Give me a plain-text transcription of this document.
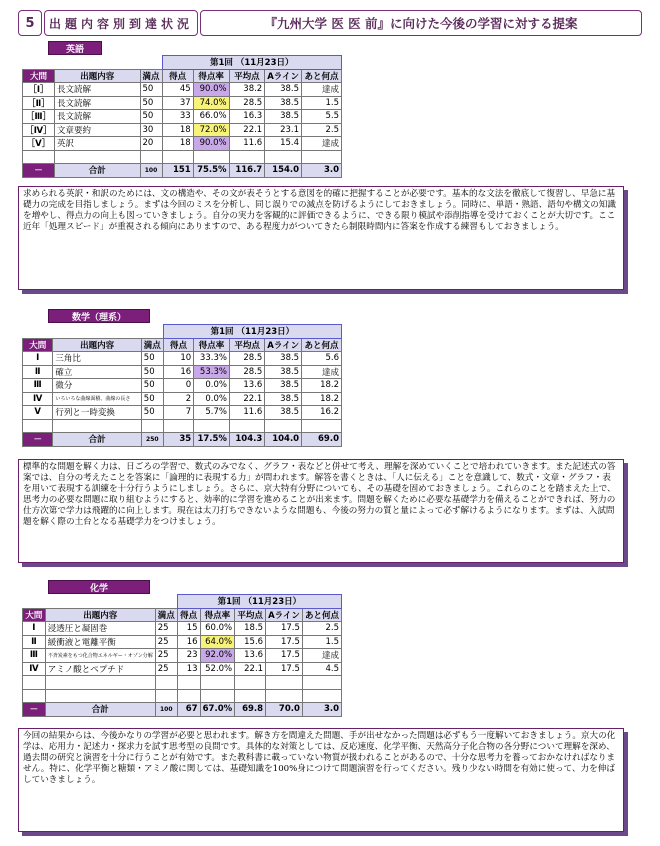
5	出題内容別到達状況	『九州大学 医 医 前』に向けた今後の学習に対する提案
英語
			第1回 （11月23日）				
大問	出題内容	満点	得点	得点率	平均点	Aライン	あと何点
［Ⅰ］	長文読解	50	45	90.0%	38.2	38.5	達成
［Ⅱ］	長文読解	50	37	74.0%	28.5	38.5	1.5
［Ⅲ］	長文読解	50	33	66.0%	16.3	38.5	5.5
［Ⅳ］	文章要約	30	18	72.0%	22.1	23.1	2.5
［Ⅴ］	英訳	20	18	90.0%	11.6	15.4	達成

－	合計	100	151	75.5%	116.7	154.0	3.0
求められる英訳・和訳のためには、文の構造や、その文が表そうとする意図を的確に把握することが必要です。基本的な文法を徹底して復習し、早急に基礎力の完成を目指しましょう。まずは今回のミスを分析し、同じ誤りでの減点を防げるようにしておきましょう。同時に、単語・熟語、語句や構文の知識を増やし、得点力の向上も図っていきましょう。自分の実力を客観的に評価できるように、できる限り模試や添削指導を受けておくことが大切です。ここ近年「処理スピード」が重視される傾向にありますので、ある程度力がついてきたら制限時間内に答案を作成する練習もしておきましょう。
数学（理系）
			第1回 （11月23日）				
大問	出題内容	満点	得点	得点率	平均点	Aライン	あと何点
Ⅰ	三角比	50	10	33.3%	28.5	38.5	5.6
Ⅱ	確立	50	16	53.3%	28.5	38.5	達成
Ⅲ	微分	50	0	0.0%	13.6	38.5	18.2
Ⅳ	いろいろな曲線面積、曲線の長さ	50	2	0.0%	22.1	38.5	18.2
Ⅴ	行列と一時変換	50	7	5.7%	11.6	38.5	16.2

－	合計	250	35	17.5%	104.3	104.0	69.0
標準的な問題を解く力は、日ごろの学習で、数式のみでなく、グラフ・表などと併せて考え、理解を深めていくことで培われていきます。また記述式の答案では、自分の考えたことを答案に「論理的に表現する力」が問われます。解答を書くときは、「人に伝える」ことを意識して、数式・文章・グラフ・表を用いて表現する訓練を十分行うようにしましょう。さらに、京大特有分野についても、その基礎を固めておきましょう。これらのことを踏まえた上で、思考力の必要な問題に取り組むようにすると、効率的に学習を進めることが出来ます。問題を解くために必要な基礎学力を備えることができれば、努力の仕方次第で学力は飛躍的に向上します。現在は太刀打ちできないような問題も、今後の努力の質と量によって必ず解けるようになります。まずは、入試問題を解く際の土台となる基礎学力をつけましょう。
化学
			第1回 （11月23日）				
大問	出題内容	満点	得点	得点率	平均点	Aライン	あと何点
Ⅰ	浸透圧と凝固巻	25	15	60.0%	18.5	17.5	2.5
Ⅱ	緩衝液と電離平衡	25	16	64.0%	15.6	17.5	1.5
Ⅲ	不斉炭素をもつ化合物エネルギー・オゾン分解	25	23	92.0%	13.6	17.5	達成
Ⅳ	アミノ酸とペプチド	25	13	52.0%	22.1	17.5	4.5

－	合計	100	67	67.0%	69.8	70.0	3.0
今回の結果からは、今後かなりの学習が必要と思われます。解き方を間違えた問題、手が出せなかった問題は必ずもう一度解いておきましょう。京大の化学は、応用力・記述力・探求力を試す思考型の良問です。具体的な対策としては、反応速度、化学平衡、天然高分子化合物の各分野について理解を深め、過去問の研究と演習を十分に行うことが有効です。また教科書に載っていない物質が扱われることがあるので、十分な思考力を養っておかなければなりません。特に、化学平衡と糖類・アミノ酸に関しては、基礎知識を100%身につけて問題演習を行ってください。残り少ない時間を有効に使って、力を伸ばしていきましょう。
